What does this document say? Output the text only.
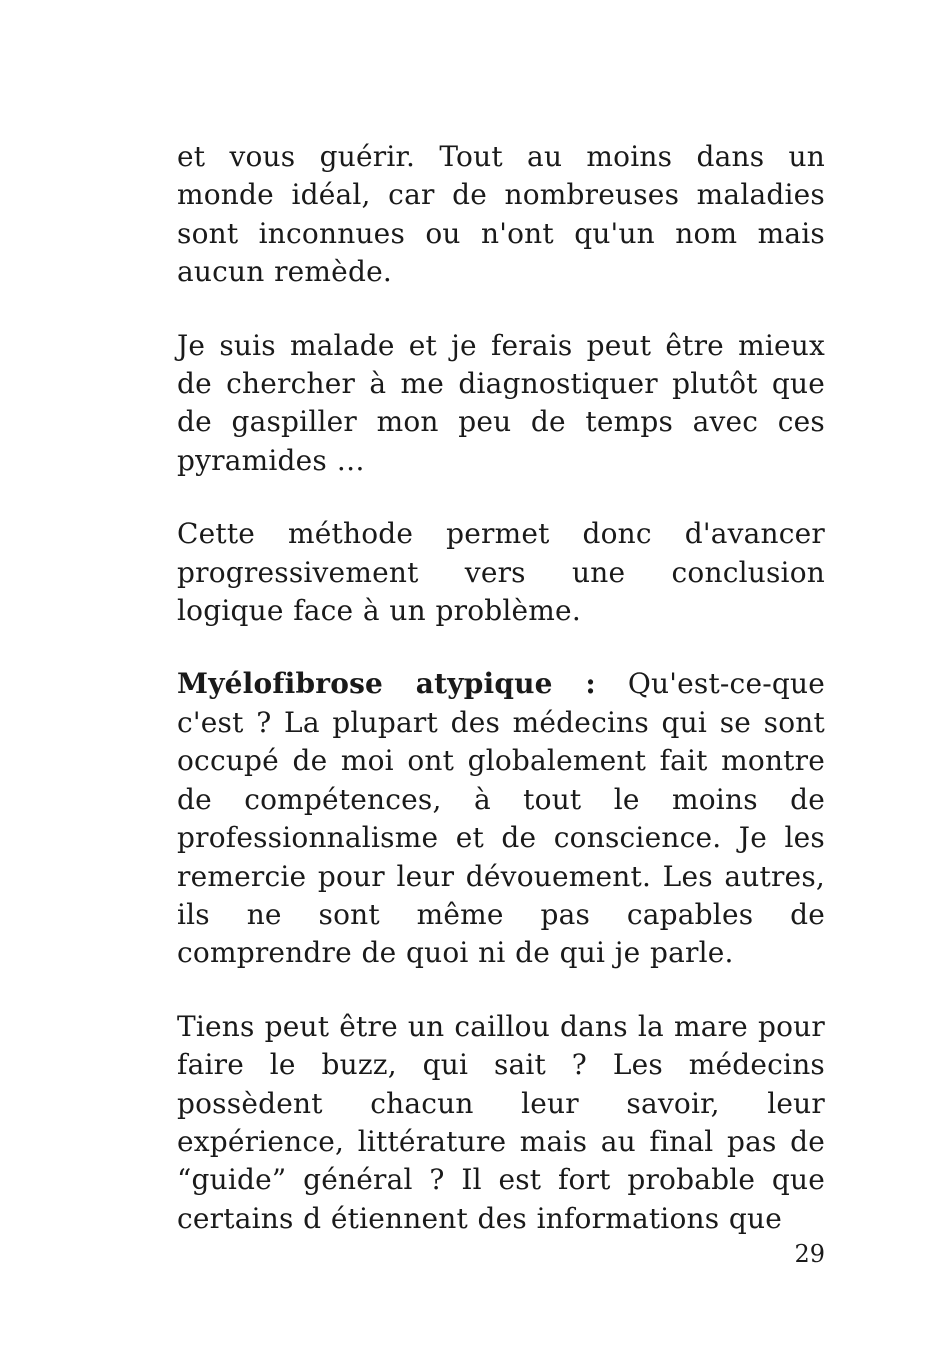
et vous guérir. Tout au moins dans un monde idéal, car de nombreuses maladies sont inconnues ou n'ont qu'un nom mais aucun remède.

Je suis malade et je ferais peut être mieux de chercher à me diagnostiquer plutôt que de gaspiller mon peu de temps avec ces pyramides …

Cette méthode permet donc d'avancer progressivement vers une conclusion logique face à un problème.

Myélofibrose atypique : Qu'est-ce-que c'est ? La plupart des médecins qui se sont occupé de moi ont globalement fait montre de compétences, à tout le moins de professionnalisme et de conscience. Je les remercie pour leur dévouement. Les autres, ils ne sont même pas capables de comprendre de quoi ni de qui je parle.

Tiens peut être un caillou dans la mare pour faire le buzz, qui sait ? Les médecins possèdent chacun leur savoir, leur expérience, littérature mais au final pas de “guide” général ? Il est fort probable que certains d étiennent des informations que

29
